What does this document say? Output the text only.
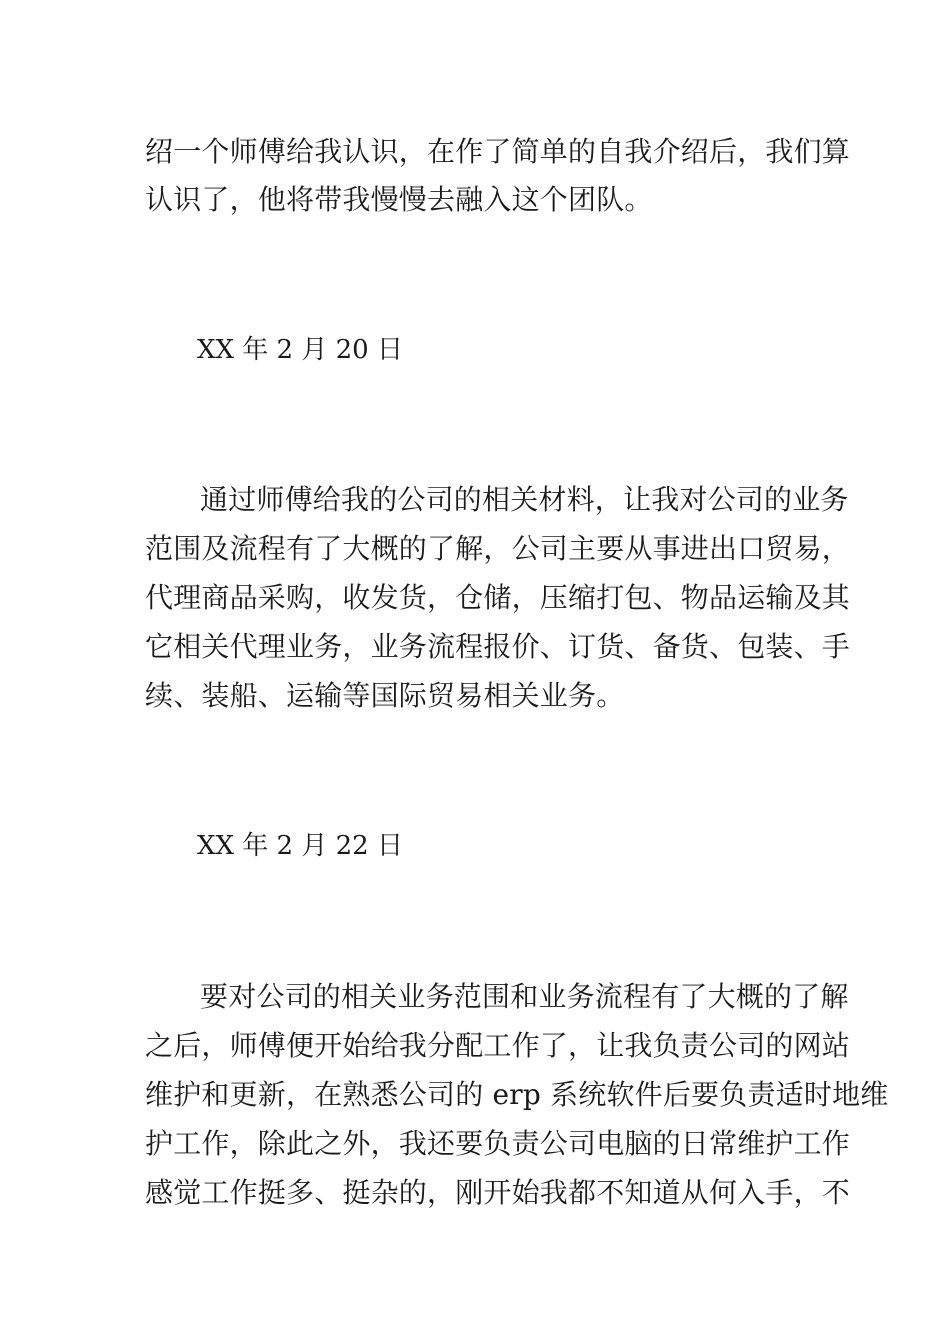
绍一个师傅给我认识，在作了简单的自我介绍后，我们算
认识了，他将带我慢慢去融入这个团队。
XX 年 2 月 20 日
通过师傅给我的公司的相关材料，让我对公司的业务
范围及流程有了大概的了解，公司主要从事进出口贸易，
代理商品采购，收发货，仓储，压缩打包、物品运输及其
它相关代理业务，业务流程报价、订货、备货、包装、手
续、装船、运输等国际贸易相关业务。
XX 年 2 月 22 日
要对公司的相关业务范围和业务流程有了大概的了解
之后，师傅便开始给我分配工作了，让我负责公司的网站
维护和更新，在熟悉公司的 erp 系统软件后要负责适时地维
护工作，除此之外，我还要负责公司电脑的日常维护工作
感觉工作挺多、挺杂的，刚开始我都不知道从何入手，不
